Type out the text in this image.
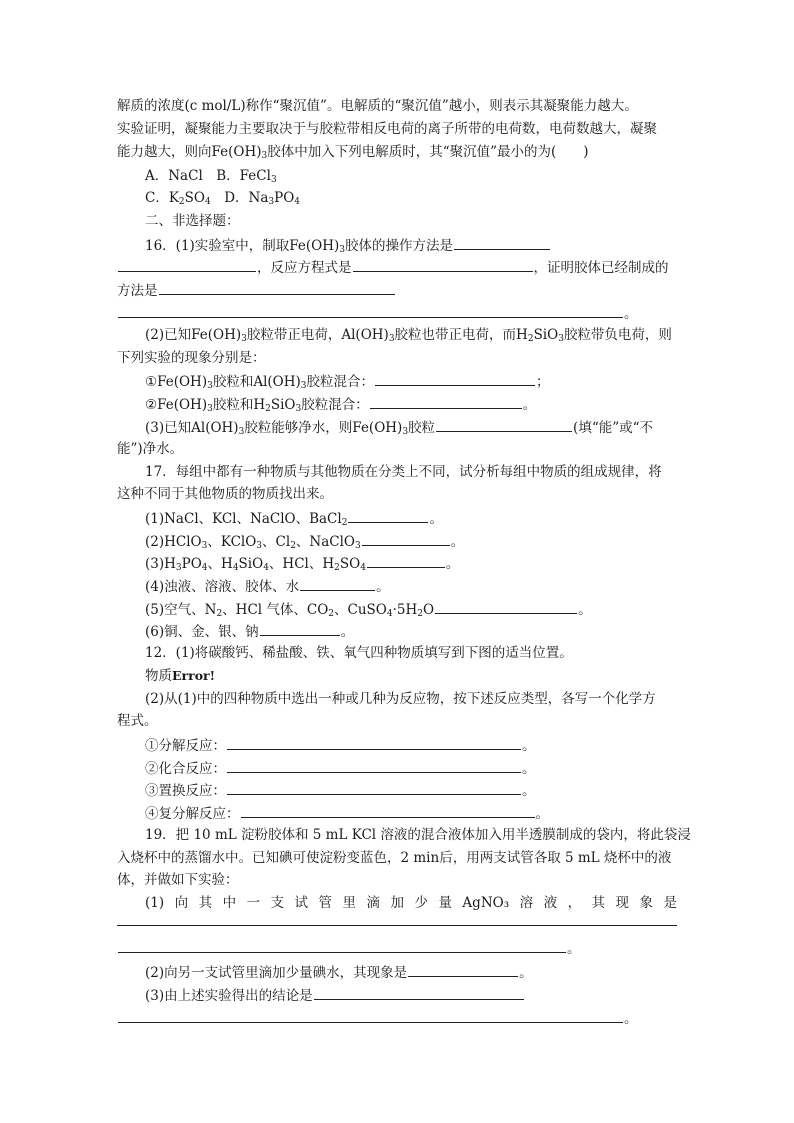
解质的浓度(c mol/L)称作“聚沉值”。电解质的“聚沉值”越小，则表示其凝聚能力越大。
实验证明，凝聚能力主要取决于与胶粒带相反电荷的离子所带的电荷数，电荷数越大，凝聚
能力越大，则向$Fe(OH)_3$胶体中加入下列电解质时，其“聚沉值”最小的为(　　)
A．NaCl　B．FeCl$_3$
C．$K_2SO_4$　D．$Na_3PO_4$
二、非选择题：
16．(1)实验室中，制取$Fe(OH)_3$胶体的操作方法是
，反应方程式是	，证明胶体已经制成的
方法是
。
(2)已知$Fe(OH)_3$胶粒带正电荷，$Al(OH)_3$胶粒也带正电荷，而$H_2SiO_3$胶粒带负电荷，则
下列实验的现象分别是：
$①Fe(OH)_3$胶粒和$Al(OH)_3$胶粒混合：	；
$②Fe(OH)_3$胶粒和$H_2SiO_3$胶粒混合：	。
(3)已知$Al(OH)_3$胶粒能够净水，则$Fe(OH)_3$胶粒	(填“能”或“不
能”)净水。
17．每组中都有一种物质与其他物质在分类上不同，试分析每组中物质的组成规律，将
这种不同于其他物质的物质找出来。
(1)NaCl、KCl、NaClO、BaCl$_2$	。
(2)HClO$_3$、KClO$_3$、$Cl_2$、NaClO$_3$	。
$(3)H_3PO_4$、$H_4SiO_4$、HCl、$H_2SO_4$	。
(4)浊液、溶液、胶体、水	。
(5)空气、$N_2$、HCl 气体、$CO_2$、$CuSO_4\cdot 5H_2O$	。
(6)铜、金、银、钠	。
12．(1)将碳酸钙、稀盐酸、铁、氧气四种物质填写到下图的适当位置。
物质Error!
(2)从(1)中的四种物质中选出一种或几种为反应物，按下述反应类型，各写一个化学方
程式。
①分解反应：	。
②化合反应：	。
③置换反应：	。
④复分解反应：	。
19．把 10 mL 淀粉胶体和 5 mL KCl 溶液的混合液体加入用半透膜制成的袋内，将此袋浸
入烧杯中的蒸馏水中。已知碘可使淀粉变蓝色，2 min后，用两支试管各取 5 mL 烧杯中的液
体，并做如下实验：
(1) 向 其 中 一 支 试 管 里 滴 加 少 量 AgNO₃ 溶 液 ， 其 现 象 是
。
(2)向另一支试管里滴加少量碘水，其现象是	。
(3)由上述实验得出的结论是
。
